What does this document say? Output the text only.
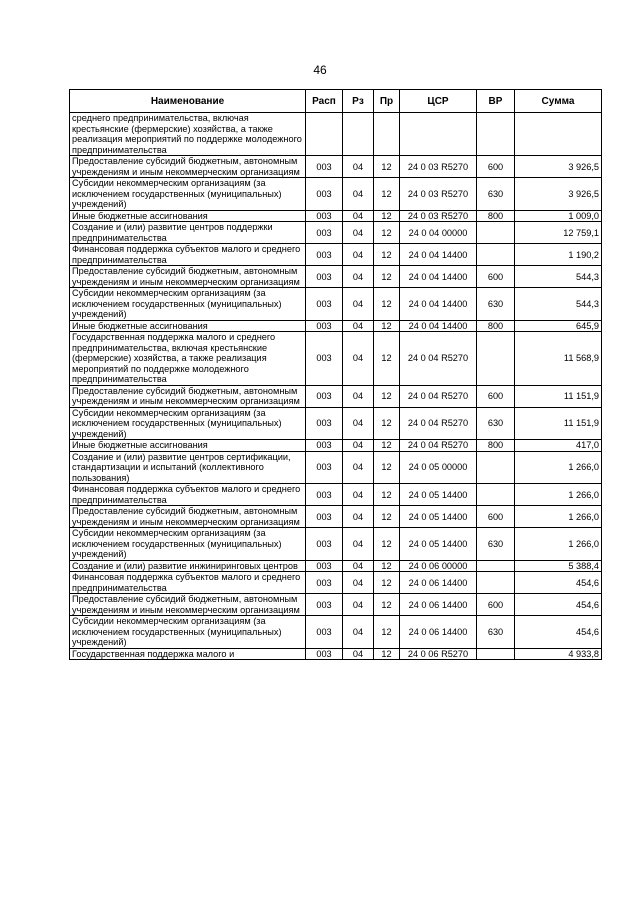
46
Наименование	Расп	Рз	Пр	ЦСР	ВР	Сумма
среднего предпринимательства, включая крестьянские (фермерские) хозяйства, а также реализация мероприятий по поддержке молодежного предпринимательства						
Предоставление субсидий бюджетным, автономным учреждениям и иным некоммерческим организациям	003	04	12	24 0 03 R5270	600	3 926,5
Субсидии некоммерческим организациям (за исключением государственных (муниципальных) учреждений)	003	04	12	24 0 03 R5270	630	3 926,5
Иные бюджетные ассигнования	003	04	12	24 0 03 R5270	800	1 009,0
Создание и (или) развитие центров поддержки предпринимательства	003	04	12	24 0 04 00000		12 759,1
Финансовая поддержка субъектов малого и среднего предпринимательства	003	04	12	24 0 04 14400		1 190,2
Предоставление субсидий бюджетным, автономным учреждениям и иным некоммерческим организациям	003	04	12	24 0 04 14400	600	544,3
Субсидии некоммерческим организациям (за исключением государственных (муниципальных) учреждений)	003	04	12	24 0 04 14400	630	544,3
Иные бюджетные ассигнования	003	04	12	24 0 04 14400	800	645,9
Государственная поддержка малого и среднего предпринимательства, включая крестьянские (фермерские) хозяйства, а также реализация мероприятий по поддержке молодежного предпринимательства	003	04	12	24 0 04 R5270		11 568,9
Предоставление субсидий бюджетным, автономным учреждениям и иным некоммерческим организациям	003	04	12	24 0 04 R5270	600	11 151,9
Субсидии некоммерческим организациям (за исключением государственных (муниципальных) учреждений)	003	04	12	24 0 04 R5270	630	11 151,9
Иные бюджетные ассигнования	003	04	12	24 0 04 R5270	800	417,0
Создание и (или) развитие центров сертификации, стандартизации и испытаний (коллективного пользования)	003	04	12	24 0 05 00000		1 266,0
Финансовая поддержка субъектов малого и среднего предпринимательства	003	04	12	24 0 05 14400		1 266,0
Предоставление субсидий бюджетным, автономным учреждениям и иным некоммерческим организациям	003	04	12	24 0 05 14400	600	1 266,0
Субсидии некоммерческим организациям (за исключением государственных (муниципальных) учреждений)	003	04	12	24 0 05 14400	630	1 266,0
Создание и (или) развитие инжиниринговых центров	003	04	12	24 0 06 00000		5 388,4
Финансовая поддержка субъектов малого и среднего предпринимательства	003	04	12	24 0 06 14400		454,6
Предоставление субсидий бюджетным, автономным учреждениям и иным некоммерческим организациям	003	04	12	24 0 06 14400	600	454,6
Субсидии некоммерческим организациям (за исключением государственных (муниципальных) учреждений)	003	04	12	24 0 06 14400	630	454,6
Государственная поддержка малого и	003	04	12	24 0 06 R5270		4 933,8
